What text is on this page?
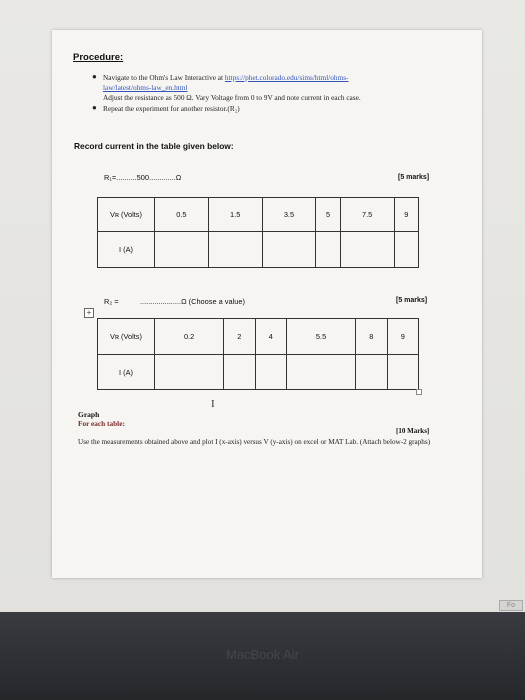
Procedure:
● Navigate to the Ohm's Law Interactive at https://phet.colorado.edu/sims/html/ohms-
law/latest/ohms-law_en.html
Adjust the resistance as 500 Ω. Vary Voltage from 0 to 9V and note current in each case.
● Repeat the experiment for another resistor.(R₂)
Record current in the table given below:
R₁=..........500.............Ω	[5 marks]
Vʀ (Volts)	0.5	1.5	3.5	5	7.5	9
I (A)						
R₂ =	....................Ω (Choose a value)	[5 marks]
+
Vʀ (Volts)	0.2	2	4	5.5	8	9
I (A)						
I
Graph
For each table:
[10 Marks]
Use the measurements obtained above and plot I (x-axis) versus V (y-axis) on excel or MAT Lab. (Attach below-2 graphs)
Fo
MacBook Air
